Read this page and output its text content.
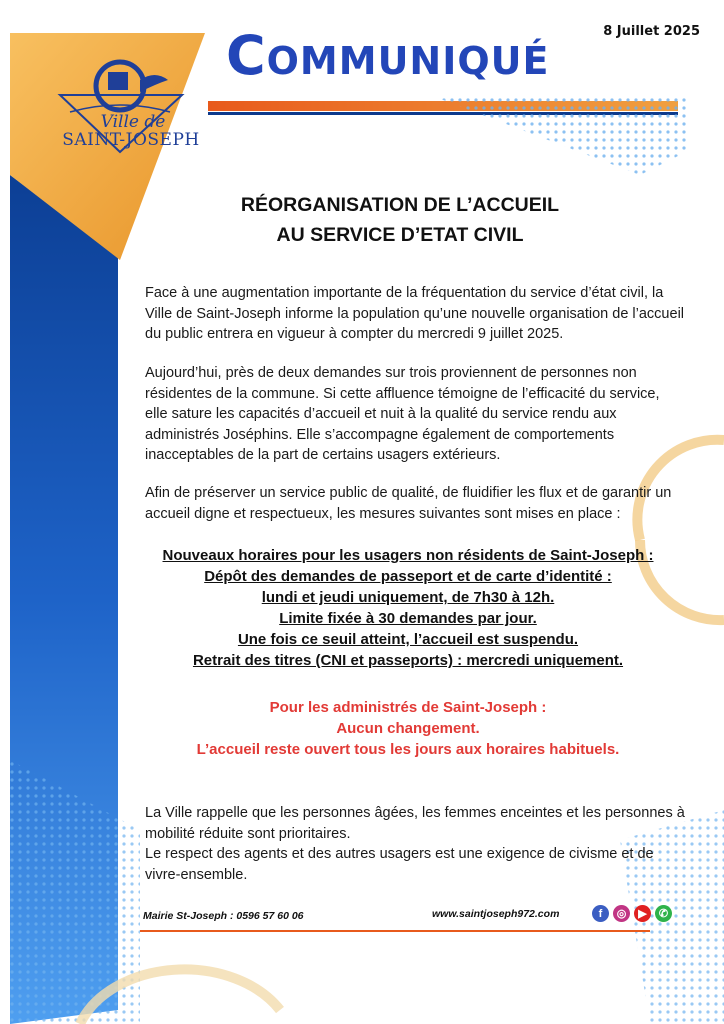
8 Juillet 2025
Communiqué
Ville de
SAINT-JOSEPH
RÉORGANISATION DE L’ACCUEIL
AU SERVICE D’ETAT CIVIL
Face à une augmentation importante de la fréquentation du service d’état civil, la Ville de Saint-Joseph informe la population qu’une nouvelle organisation de l’accueil du public entrera en vigueur à compter du mercredi 9 juillet 2025.
Aujourd’hui, près de deux demandes sur trois proviennent de personnes non résidentes de la commune. Si cette affluence témoigne de l’efficacité du service, elle sature les capacités d’accueil et nuit à la qualité du service rendu aux administrés Joséphins. Elle s’accompagne également de comportements inacceptables de la part de certains usagers extérieurs.
Afin de préserver un service public de qualité, de fluidifier les flux et de garantir un accueil digne et respectueux, les mesures suivantes sont mises en place :
Nouveaux horaires pour les usagers non résidents de Saint-Joseph :
Dépôt des demandes de passeport et de carte d’identité :
lundi et jeudi uniquement, de 7h30 à 12h.
Limite fixée à 30 demandes par jour.
Une fois ce seuil atteint, l’accueil est suspendu.
Retrait des titres (CNI et passeports) : mercredi uniquement.
Pour les administrés de Saint-Joseph :
Aucun changement.
L’accueil reste ouvert tous les jours aux horaires habituels.
La Ville rappelle que les personnes âgées, les femmes enceintes et les personnes à mobilité réduite sont prioritaires.
Le respect des agents et des autres usagers est une exigence de civisme et de vivre-ensemble.
Mairie St-Joseph : 0596 57 60 06	www.saintjoseph972.com	f	◎	▶	✆
